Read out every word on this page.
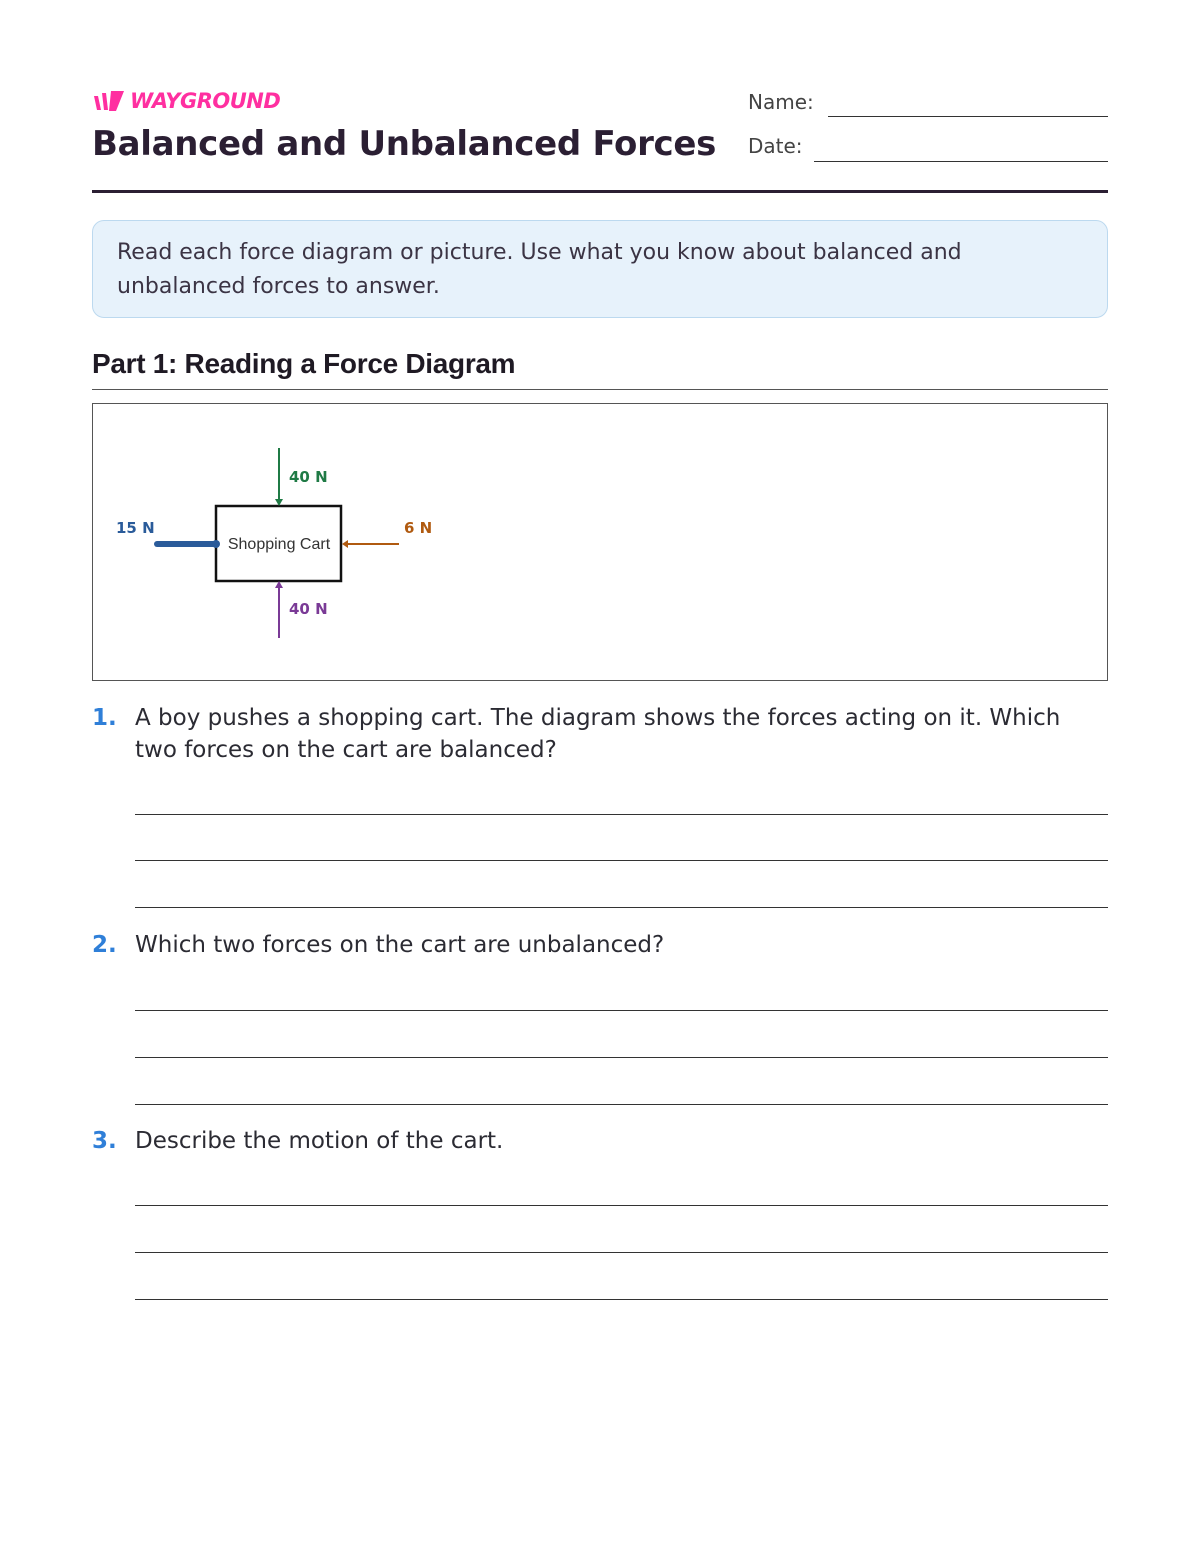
WAYGROUND
Balanced and Unbalanced Forces
Name:
Date:
Read each force diagram or picture. Use what you know about balanced and unbalanced forces to answer.
Part 1: Reading a Force Diagram
Shopping Cart
40 N
40 N
15 N	6 N
1. A boy pushes a shopping cart. The diagram shows the forces acting on it. Which two forces on the cart are balanced?
2. Which two forces on the cart are unbalanced?
3. Describe the motion of the cart.
